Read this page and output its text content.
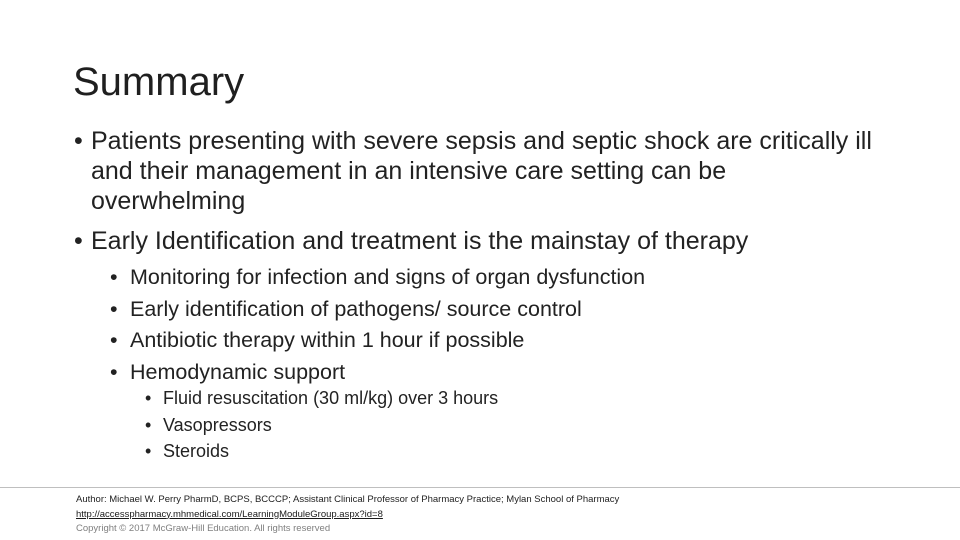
Summary
• Patients presenting with severe sepsis and septic shock are critically ill and their management in an intensive care setting can be overwhelming
• Early Identification and treatment is the mainstay of therapy
• Monitoring for infection and signs of organ dysfunction
• Early identification of pathogens/ source control
• Antibiotic therapy within 1 hour if possible
• Hemodynamic support
• Fluid resuscitation (30 ml/kg) over 3 hours
• Vasopressors
• Steroids
Author: Michael W. Perry PharmD, BCPS, BCCCP; Assistant Clinical Professor of Pharmacy Practice; Mylan School of Pharmacy
http://accesspharmacy.mhmedical.com/LearningModuleGroup.aspx?id=8
Copyright © 2017 McGraw-Hill Education. All rights reserved
